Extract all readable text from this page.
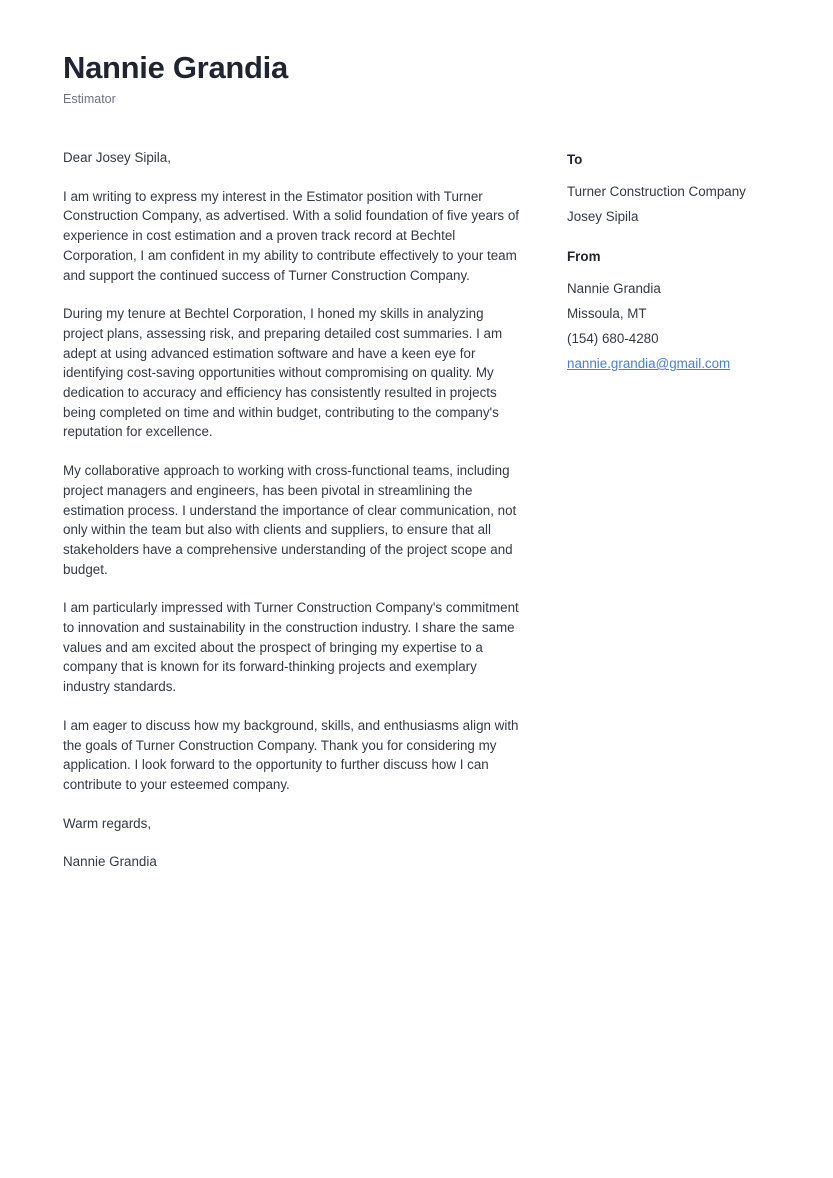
Nannie Grandia

Estimator

Dear Josey Sipila,

I am writing to express my interest in the Estimator position with Turner Construction Company, as advertised. With a solid foundation of five years of experience in cost estimation and a proven track record at Bechtel Corporation, I am confident in my ability to contribute effectively to your team and support the continued success of Turner Construction Company.

During my tenure at Bechtel Corporation, I honed my skills in analyzing project plans, assessing risk, and preparing detailed cost summaries. I am adept at using advanced estimation software and have a keen eye for identifying cost-saving opportunities without compromising on quality. My dedication to accuracy and efficiency has consistently resulted in projects being completed on time and within budget, contributing to the company's reputation for excellence.

My collaborative approach to working with cross-functional teams, including project managers and engineers, has been pivotal in streamlining the estimation process. I understand the importance of clear communication, not only within the team but also with clients and suppliers, to ensure that all stakeholders have a comprehensive understanding of the project scope and budget.

I am particularly impressed with Turner Construction Company's commitment to innovation and sustainability in the construction industry. I share the same values and am excited about the prospect of bringing my expertise to a company that is known for its forward-thinking projects and exemplary industry standards.

I am eager to discuss how my background, skills, and enthusiasms align with the goals of Turner Construction Company. Thank you for considering my application. I look forward to the opportunity to further discuss how I can contribute to your esteemed company.

Warm regards,

Nannie Grandia

To

Turner Construction Company

Josey Sipila

From

Nannie Grandia

Missoula, MT

(154) 680-4280

nannie.grandia@gmail.com
